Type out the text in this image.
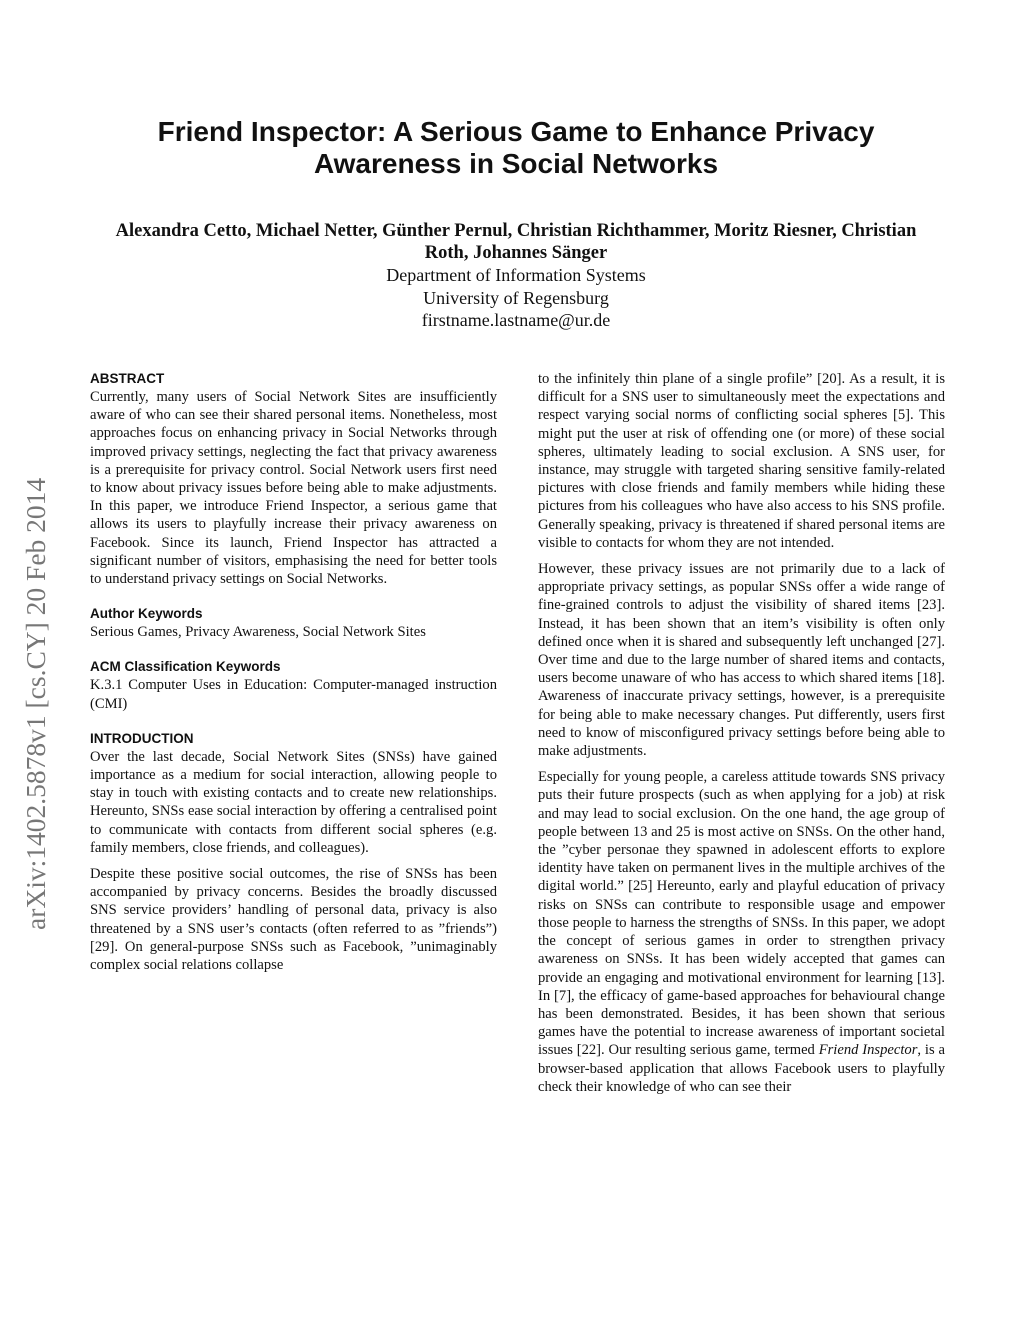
Friend Inspector: A Serious Game to Enhance Privacy Awareness in Social Networks

Alexandra Cetto, Michael Netter, Günther Pernul, Christian Richthammer, Moritz Riesner, Christian Roth, Johannes Sänger

Department of Information Systems
University of Regensburg
firstname.lastname@ur.de
arXiv:1402.5878v1 [cs.CY] 20 Feb 2014
ABSTRACT

Currently, many users of Social Network Sites are insufficiently aware of who can see their shared personal items. Nonetheless, most approaches focus on enhancing privacy in Social Networks through improved privacy settings, neglecting the fact that privacy awareness is a prerequisite for privacy control. Social Network users first need to know about privacy issues before being able to make adjustments. In this paper, we introduce Friend Inspector, a serious game that allows its users to playfully increase their privacy awareness on Facebook. Since its launch, Friend Inspector has attracted a significant number of visitors, emphasising the need for better tools to understand privacy settings on Social Networks.

Author Keywords

Serious Games, Privacy Awareness, Social Network Sites

ACM Classification Keywords

K.3.1 Computer Uses in Education: Computer-managed instruction (CMI)

INTRODUCTION

Over the last decade, Social Network Sites (SNSs) have gained importance as a medium for social interaction, allowing people to stay in touch with existing contacts and to create new relationships. Hereunto, SNSs ease social interaction by offering a centralised point to communicate with contacts from different social spheres (e.g. family members, close friends, and colleagues).

Despite these positive social outcomes, the rise of SNSs has been accompanied by privacy concerns. Besides the broadly discussed SNS service providers’ handling of personal data, privacy is also threatened by a SNS user’s contacts (often referred to as ”friends”) [29]. On general-purpose SNSs such as Facebook, ”unimaginably complex social relations collapse

to the infinitely thin plane of a single profile” [20]. As a result, it is difficult for a SNS user to simultaneously meet the expectations and respect varying social norms of conflicting social spheres [5]. This might put the user at risk of offending one (or more) of these social spheres, ultimately leading to social exclusion. A SNS user, for instance, may struggle with targeted sharing sensitive family-related pictures with close friends and family members while hiding these pictures from his colleagues who have also access to his SNS profile. Generally speaking, privacy is threatened if shared personal items are visible to contacts for whom they are not intended.

However, these privacy issues are not primarily due to a lack of appropriate privacy settings, as popular SNSs offer a wide range of fine-grained controls to adjust the visibility of shared items [23]. Instead, it has been shown that an item’s visibility is often only defined once when it is shared and subsequently left unchanged [27]. Over time and due to the large number of shared items and contacts, users become unaware of who has access to which shared items [18]. Awareness of inaccurate privacy settings, however, is a prerequisite for being able to make necessary changes. Put differently, users first need to know of misconfigured privacy settings before being able to make adjustments.

Especially for young people, a careless attitude towards SNS privacy puts their future prospects (such as when applying for a job) at risk and may lead to social exclusion. On the one hand, the age group of people between 13 and 25 is most active on SNSs. On the other hand, the ”cyber personae they spawned in adolescent efforts to explore identity have taken on permanent lives in the multiple archives of the digital world.” [25] Hereunto, early and playful education of privacy risks on SNSs can contribute to responsible usage and empower those people to harness the strengths of SNSs. In this paper, we adopt the concept of serious games in order to strengthen privacy awareness on SNSs. It has been widely accepted that games can provide an engaging and motivational environment for learning [13]. In [7], the efficacy of game-based approaches for behavioural change has been demonstrated. Besides, it has been shown that serious games have the potential to increase awareness of important societal issues [22]. Our resulting serious game, termed Friend Inspector, is a browser-based application that allows Facebook users to playfully check their knowledge of who can see their
